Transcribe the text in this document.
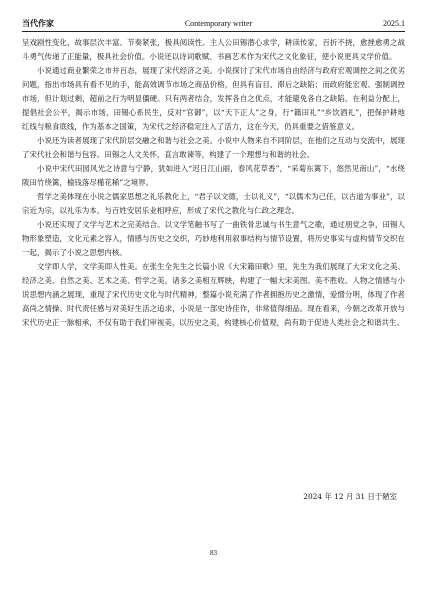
当代作家	Contemporary writer	2025.1

呈戏剧性变化，故事层次丰富、节奏紧张，极具阅读性。主人公田锡潜心求学，耕读传家，百折不挠，愈挫愈勇之战斗勇气传递了正能量，极具社会价值。小说还以诗词歌赋、书画艺术作为宋代之文化象征，使小说更具文学价值。

小说通过商业繁荣之市井百态，展现了宋代经济之美。小说探讨了宋代市场自由经济与政府宏观调控之间之优劣问题，指出市场具有看不见的手，能高效调节市场之商品价格，但具有盲目、滞后之缺陷；而政府能宏观、强制调控市场，但计划过剩，超前之行为明显僵硬。只有两者结合，发挥各自之优点，才能避免各自之缺陷。在利益分配上，提倡社会公平，揭示市场，田锡心系民生，反对“官御”，以“天下正人”之身，行“籍田礼”“乡饮酒礼”，把保护耕地红线与粮食底线，作为基本之国策，为宋代之经济稳定注入了活力，这在今天，仍具重要之借鉴意义。

小说还为读者展现了宋代阶层交融之和谐与社会之美。小说中人物来自不同阶层，在他们之互动与交流中，展现了宋代社会和谐与包容。田锡之人文关怀，直言敢谏等，构建了一个理想与和谐的社会。

小说中宋代田园风光之诗意与宁静，犹如进入“迟日江山丽，春风花草香”，“采菊东篱下，悠然见南山”，“水绕陂田竹绕篱，榆钱落尽槿花稀”之境界。

哲学之美体现在小说之儒家思想之礼乐教化上，“君子以文德，士以礼义”，“以儒术为己任，以古道为事业”，以宗近为宗，以礼乐为本，与百姓安居乐业相呼应，形成了宋代之教化与仁政之理念。

小说还实现了文学与艺术之完美结合。以文学笔触书写了一曲铁骨忠诚与书生意气之歌，通过朋党之争，田锡人物形象塑造，文化元素之容入，情感与历史之交织，巧妙地利用叙事结构与情节设置，将历史事实与虚构情节交织在一起，揭示了小说之思想内核。

文学即人学，文学美即人性美。在张生全先生之长篇小说《大宋籍田歌》里，先生为我们展现了大宋文化之美、经济之美、自然之美、艺术之美、哲学之美，诸多之美相互辉映，构建了一幅大宋美图。美不胜收。人物之情感与小说思想内涵之展现，重现了宋代历史文化与时代精神，整篇小说充满了作者拥抱历史之激情，爱憎分明，体现了作者高尚之情操、时代责任感与对美好生活之追求，小说是一部史诗佳作，非常值得细品。现在看来，今朝之改革开放与宋代历史正一脉相承，不仅有助于我们审视美，以历史之美，构建核心价值观，尚有助于促进人类社会之和谐共生。

2024 年 12 月 31 日于陋室
83
